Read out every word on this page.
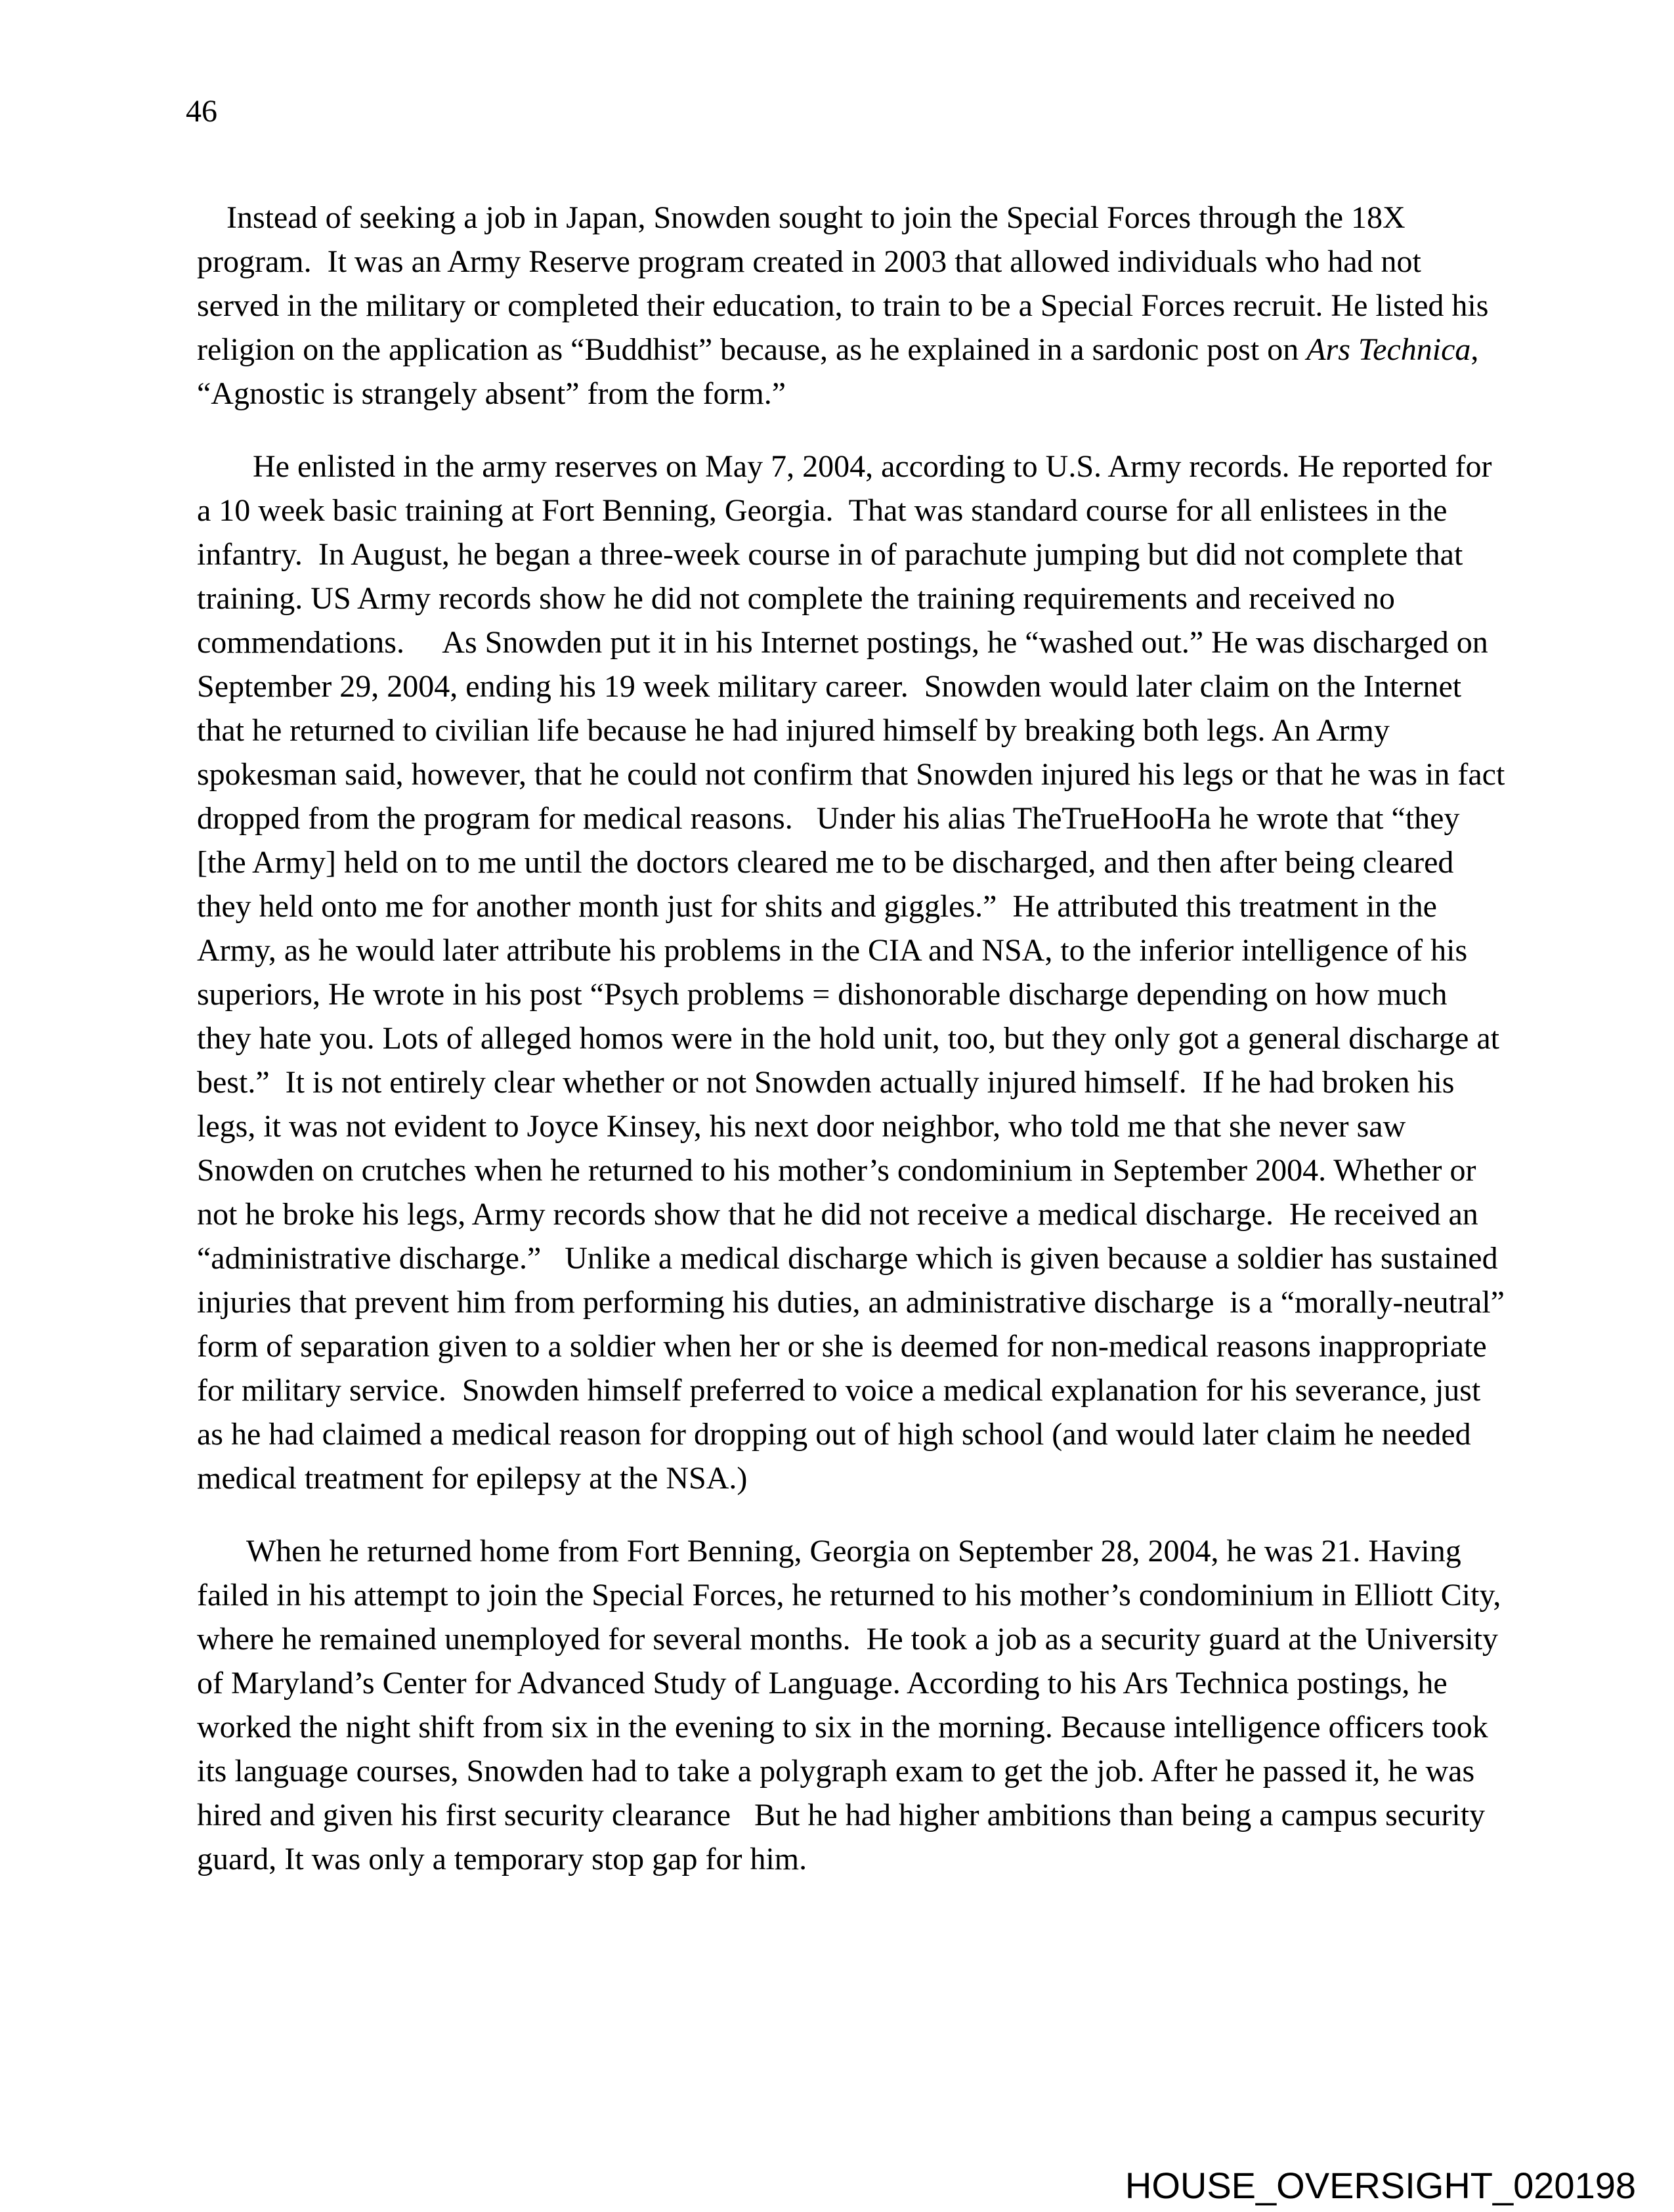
46

Instead of seeking a job in Japan, Snowden sought to join the Special Forces through the 18X program.  It was an Army Reserve program created in 2003 that allowed individuals who had not served in the military or completed their education, to train to be a Special Forces recruit. He listed his religion on the application as “Buddhist” because, as he explained in a sardonic post on Ars Technica, “Agnostic is strangely absent” from the form.”

He enlisted in the army reserves on May 7, 2004, according to U.S. Army records. He reported for a 10 week basic training at Fort Benning, Georgia.  That was standard course for all enlistees in the infantry.  In August, he began a three-week course in of parachute jumping but did not complete that training. US Army records show he did not complete the training requirements and received no commendations.     As Snowden put it in his Internet postings, he “washed out.” He was discharged on September 29, 2004, ending his 19 week military career.  Snowden would later claim on the Internet that he returned to civilian life because he had injured himself by breaking both legs. An Army spokesman said, however, that he could not confirm that Snowden injured his legs or that he was in fact dropped from the program for medical reasons.   Under his alias TheTrueHooHa he wrote that “they [the Army] held on to me until the doctors cleared me to be discharged, and then after being cleared they held onto me for another month just for shits and giggles.”  He attributed this treatment in the Army, as he would later attribute his problems in the CIA and NSA, to the inferior intelligence of his superiors, He wrote in his post “Psych problems = dishonorable discharge depending on how much they hate you. Lots of alleged homos were in the hold unit, too, but they only got a general discharge at best.”  It is not entirely clear whether or not Snowden actually injured himself.  If he had broken his legs, it was not evident to Joyce Kinsey, his next door neighbor, who told me that she never saw Snowden on crutches when he returned to his mother’s condominium in September 2004. Whether or not he broke his legs, Army records show that he did not receive a medical discharge.  He received an “administrative discharge.”   Unlike a medical discharge which is given because a soldier has sustained injuries that prevent him from performing his duties, an administrative discharge  is a “morally-neutral” form of separation given to a soldier when her or she is deemed for non-medical reasons inappropriate for military service.  Snowden himself preferred to voice a medical explanation for his severance, just as he had claimed a medical reason for dropping out of high school (and would later claim he needed medical treatment for epilepsy at the NSA.)

When he returned home from Fort Benning, Georgia on September 28, 2004, he was 21. Having failed in his attempt to join the Special Forces, he returned to his mother’s condominium in Elliott City, where he remained unemployed for several months.  He took a job as a security guard at the University of Maryland’s Center for Advanced Study of Language. According to his Ars Technica postings, he worked the night shift from six in the evening to six in the morning. Because intelligence officers took its language courses, Snowden had to take a polygraph exam to get the job. After he passed it, he was hired and given his first security clearance   But he had higher ambitions than being a campus security guard, It was only a temporary stop gap for him.

HOUSE_OVERSIGHT_020198
